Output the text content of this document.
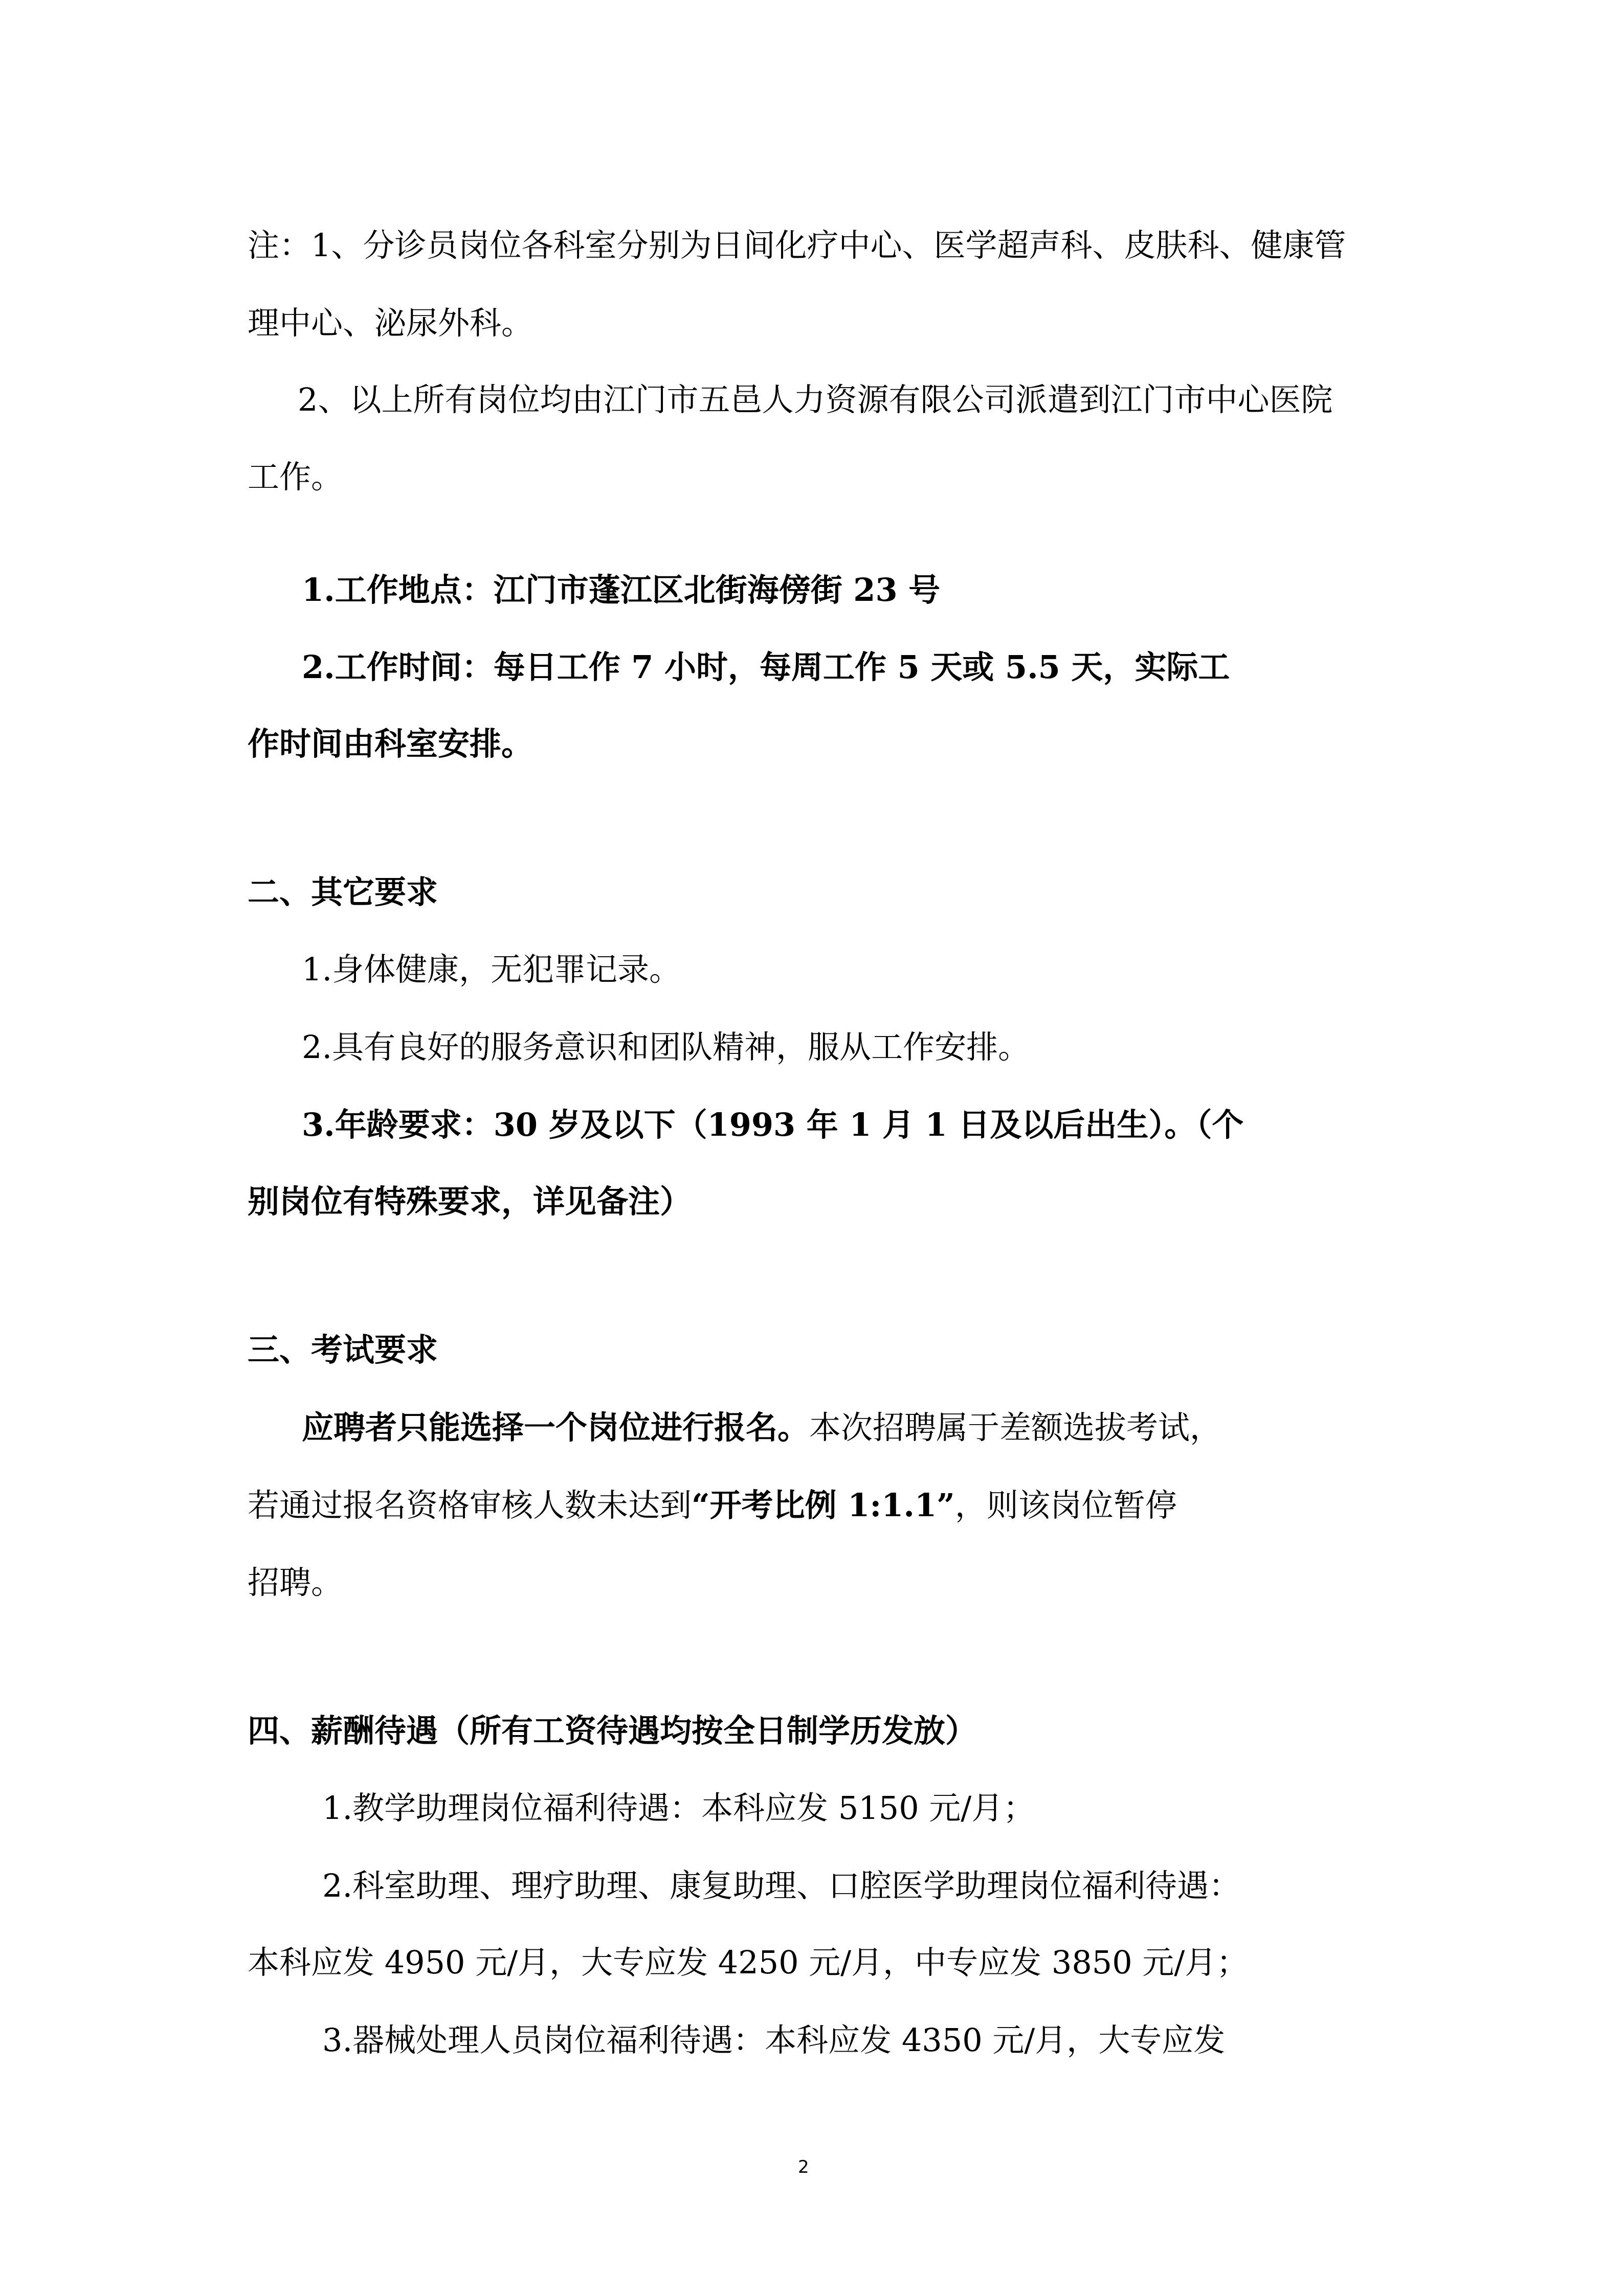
注：1、分诊员岗位各科室分别为日间化疗中心、医学超声科、皮肤科、健康管
理中心、泌尿外科。
2、以上所有岗位均由江门市五邑人力资源有限公司派遣到江门市中心医院
工作。
1.工作地点：江门市蓬江区北街海傍街 23 号
2.工作时间：每日工作 7 小时，每周工作 5 天或 5.5 天，实际工
作时间由科室安排。
二、其它要求
1.身体健康，无犯罪记录。
2.具有良好的服务意识和团队精神，服从工作安排。
3.年龄要求：30 岁及以下（1993 年 1 月 1 日及以后出生）。（个
别岗位有特殊要求，详见备注）
三、考试要求
应聘者只能选择一个岗位进行报名。本次招聘属于差额选拔考试，
若通过报名资格审核人数未达到“开考比例 1:1.1”，则该岗位暂停
招聘。
四、薪酬待遇（所有工资待遇均按全日制学历发放）
1.教学助理岗位福利待遇：本科应发 5150 元/月；
2.科室助理、理疗助理、康复助理、口腔医学助理岗位福利待遇：
本科应发 4950 元/月，大专应发 4250 元/月，中专应发 3850 元/月；
3.器械处理人员岗位福利待遇：本科应发 4350 元/月，大专应发
2
